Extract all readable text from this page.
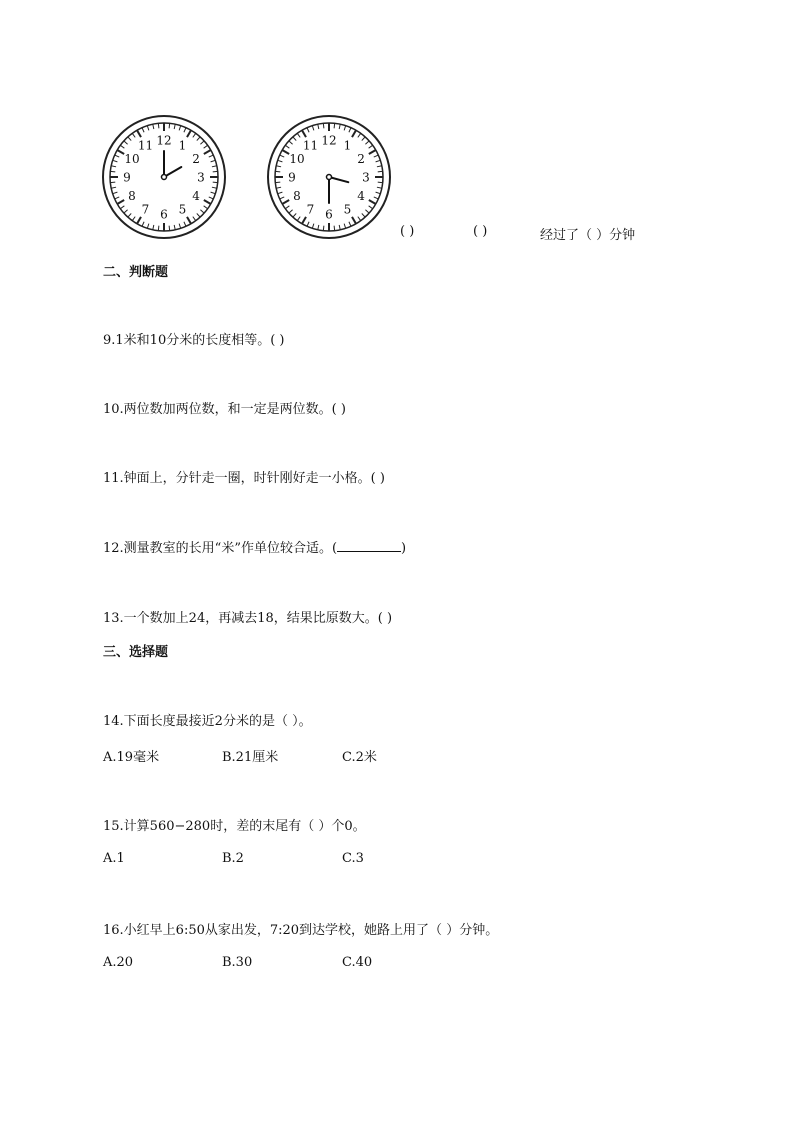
12 1
2
3
4
5
6
7
8
9
10
11	12 1
2
3
4
5
6
7
8
9
10
11
( )	( )	经过了（ ）分钟
二、判断题
9.1米和10分米的长度相等。( )
10.两位数加两位数，和一定是两位数。( )
11.钟面上，分针走一圈，时针刚好走一小格。( )
12.测量教室的长用“米”作单位较合适。(	)
13.一个数加上24，再减去18，结果比原数大。( )
三、选择题
14.下面长度最接近2分米的是（ ）。
A.19毫米	B.21厘米	C.2米
15.计算560−280时，差的末尾有（ ）个0。
A.1	B.2	C.3
16.小红早上6:50从家出发，7:20到达学校，她路上用了（ ）分钟。
A.20	B.30	C.40
